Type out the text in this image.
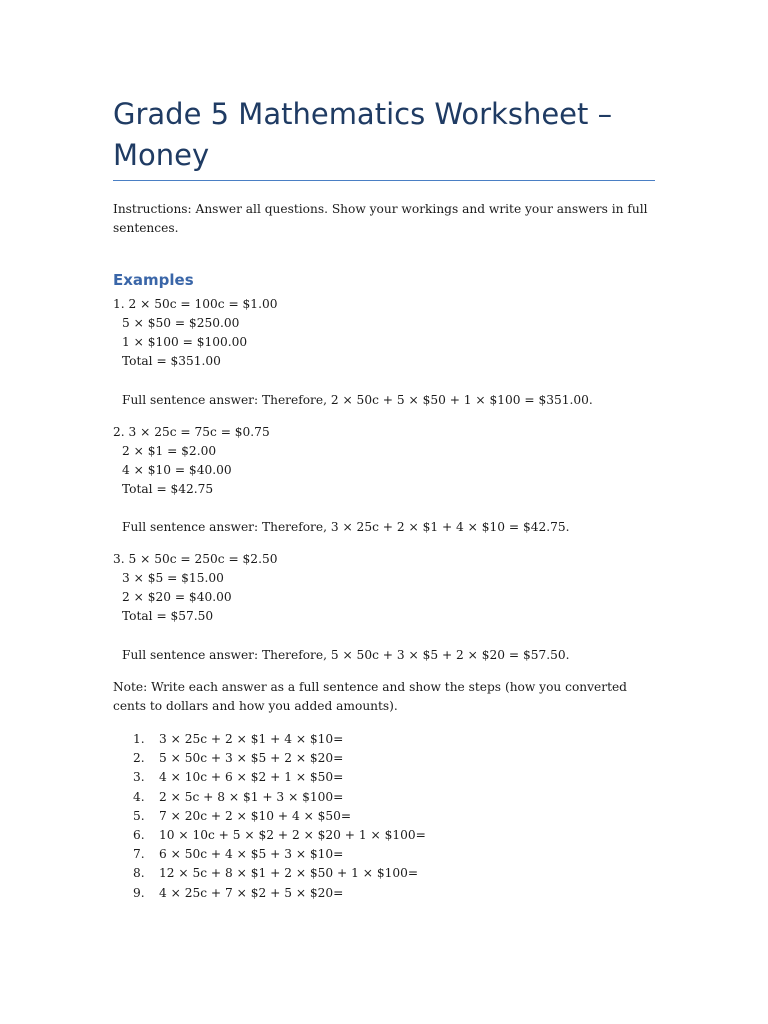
Grade 5 Mathematics Worksheet – Money

Instructions: Answer all questions. Show your workings and write your answers in full sentences.

Examples
1. 2 × 50c = 100c = $1.00
5 × $50 = $250.00
1 × $100 = $100.00
Total = $351.00
Full sentence answer: Therefore, 2 × 50c + 5 × $50 + 1 × $100 = $351.00.
2. 3 × 25c = 75c = $0.75
2 × $1 = $2.00
4 × $10 = $40.00
Total = $42.75
Full sentence answer: Therefore, 3 × 25c + 2 × $1 + 4 × $10 = $42.75.
3. 5 × 50c = 250c = $2.50
3 × $5 = $15.00
2 × $20 = $40.00
Total = $57.50
Full sentence answer: Therefore, 5 × 50c + 3 × $5 + 2 × $20 = $57.50.

Note: Write each answer as a full sentence and show the steps (how you converted cents to dollars and how you added amounts).

1. 3 × 25c + 2 × $1 + 4 × $10=
2. 5 × 50c + 3 × $5 + 2 × $20=
3. 4 × 10c + 6 × $2 + 1 × $50=
4. 2 × 5c + 8 × $1 + 3 × $100=
5. 7 × 20c + 2 × $10 + 4 × $50=
6. 10 × 10c + 5 × $2 + 2 × $20 + 1 × $100=
7. 6 × 50c + 4 × $5 + 3 × $10=
8. 12 × 5c + 8 × $1 + 2 × $50 + 1 × $100=
9. 4 × 25c + 7 × $2 + 5 × $20=
